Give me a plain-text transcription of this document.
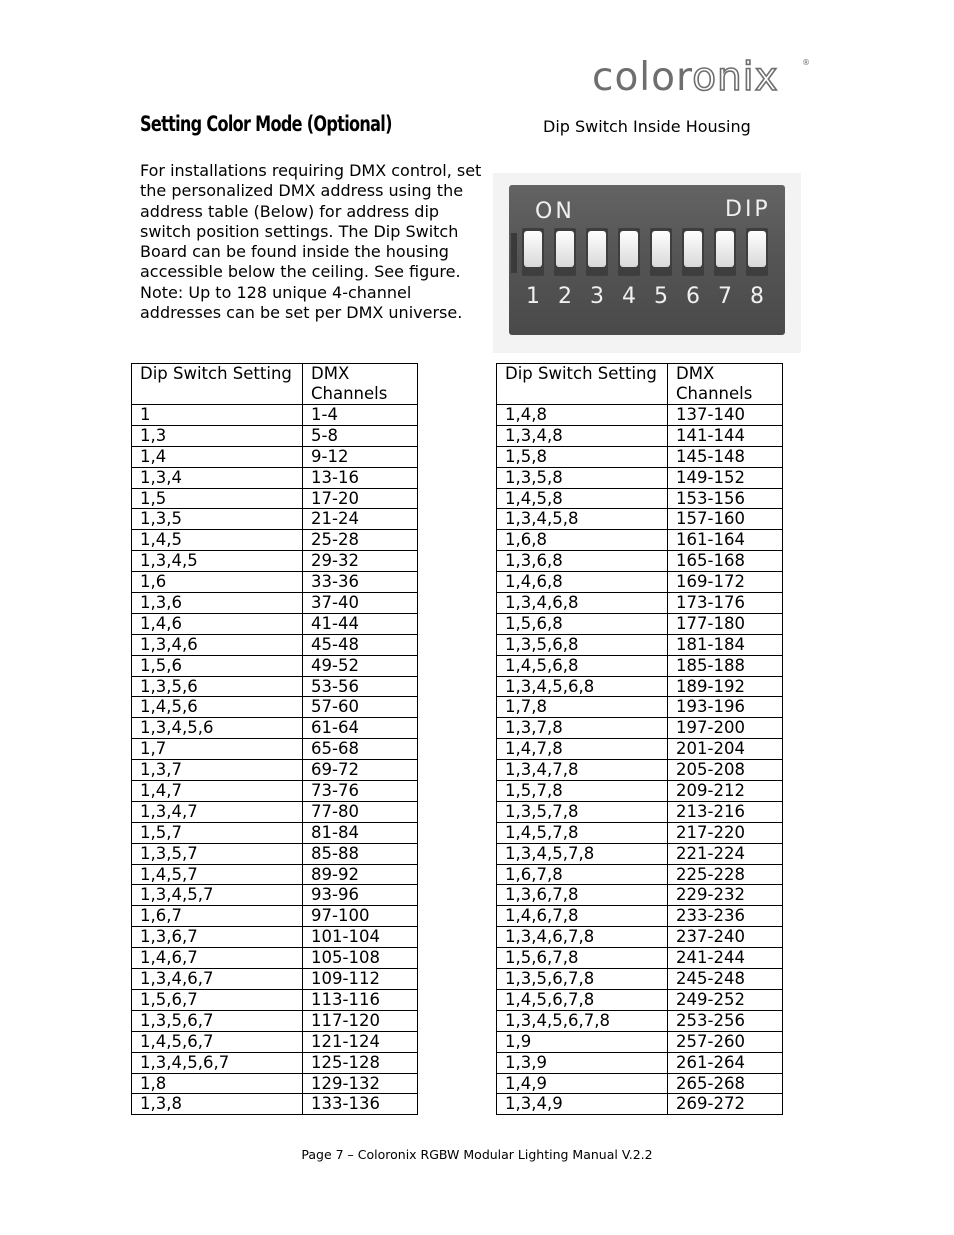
coloronix	®
Setting Color Mode (Optional)	Dip Switch Inside Housing
For installations requiring DMX control, set
the personalized DMX address using the
address table (Below) for address dip
switch position settings. The Dip Switch
Board can be found inside the housing
accessible below the ceiling. See figure.
Note: Up to 128 unique 4-channel
addresses can be set per DMX universe.
ON	DIP
1 2 3 4 5 6 7 8
Dip Switch Setting	DMX
Channels
1	1-4
1,3	5-8
1,4	9-12
1,3,4	13-16
1,5	17-20
1,3,5	21-24
1,4,5	25-28
1,3,4,5	29-32
1,6	33-36
1,3,6	37-40
1,4,6	41-44
1,3,4,6	45-48
1,5,6	49-52
1,3,5,6	53-56
1,4,5,6	57-60
1,3,4,5,6	61-64
1,7	65-68
1,3,7	69-72
1,4,7	73-76
1,3,4,7	77-80
1,5,7	81-84
1,3,5,7	85-88
1,4,5,7	89-92
1,3,4,5,7	93-96
1,6,7	97-100
1,3,6,7	101-104
1,4,6,7	105-108
1,3,4,6,7	109-112
1,5,6,7	113-116
1,3,5,6,7	117-120
1,4,5,6,7	121-124
1,3,4,5,6,7	125-128
1,8	129-132
1,3,8	133-136
Dip Switch Setting	DMX
Channels
1,4,8	137-140
1,3,4,8	141-144
1,5,8	145-148
1,3,5,8	149-152
1,4,5,8	153-156
1,3,4,5,8	157-160
1,6,8	161-164
1,3,6,8	165-168
1,4,6,8	169-172
1,3,4,6,8	173-176
1,5,6,8	177-180
1,3,5,6,8	181-184
1,4,5,6,8	185-188
1,3,4,5,6,8	189-192
1,7,8	193-196
1,3,7,8	197-200
1,4,7,8	201-204
1,3,4,7,8	205-208
1,5,7,8	209-212
1,3,5,7,8	213-216
1,4,5,7,8	217-220
1,3,4,5,7,8	221-224
1,6,7,8	225-228
1,3,6,7,8	229-232
1,4,6,7,8	233-236
1,3,4,6,7,8	237-240
1,5,6,7,8	241-244
1,3,5,6,7,8	245-248
1,4,5,6,7,8	249-252
1,3,4,5,6,7,8	253-256
1,9	257-260
1,3,9	261-264
1,4,9	265-268
1,3,4,9	269-272
Page 7 – Coloronix RGBW Modular Lighting Manual V.2.2
